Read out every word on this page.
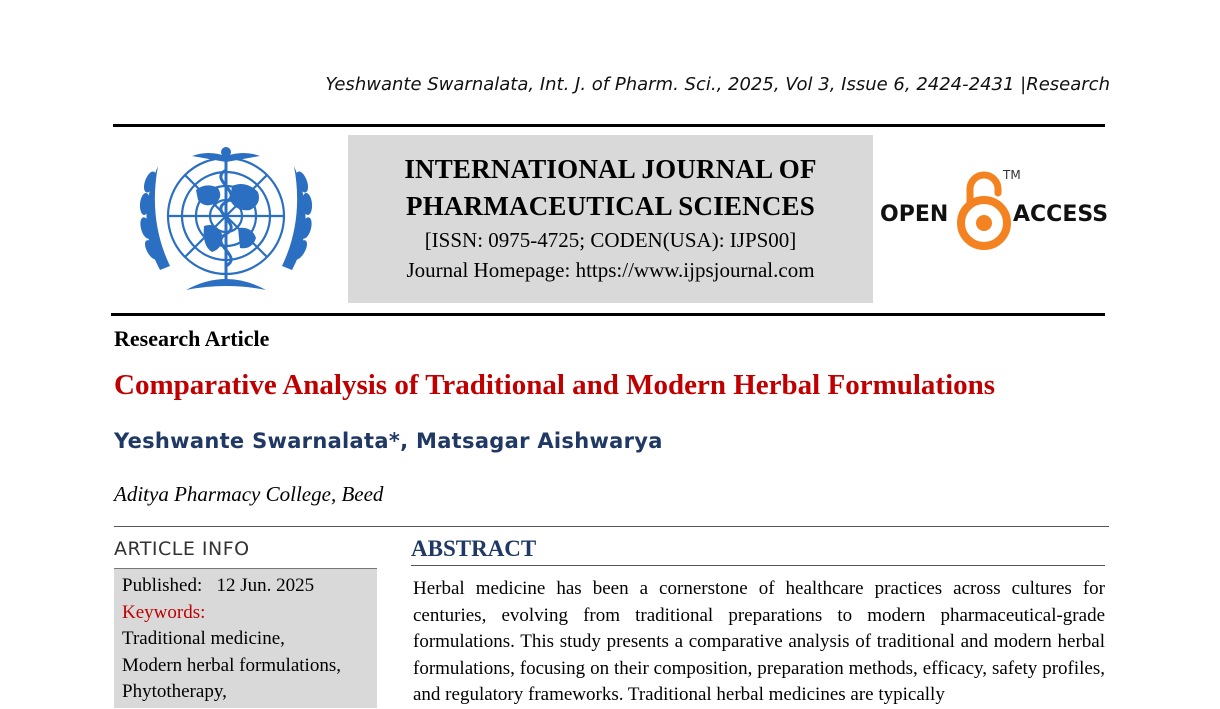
Yeshwante Swarnalata, Int. J. of Pharm. Sci., 2025, Vol 3, Issue 6, 2424-2431 |Research
INTERNATIONAL JOURNAL OF
PHARMACEUTICAL SCIENCES
[ISSN: 0975-4725; CODEN(USA): IJPS00]
Journal Homepage: https://www.ijpsjournal.com
OPEN	ACCESS
TM
Research Article
Comparative Analysis of Traditional and Modern Herbal Formulations
Yeshwante Swarnalata*, Matsagar Aishwarya
Aditya Pharmacy College, Beed
ARTICLE INFO
Published: 12 Jun. 2025
Keywords:
Traditional medicine,
Modern herbal formulations,
Phytotherapy,
ABSTRACT
Herbal medicine has been a cornerstone of healthcare practices across cultures for centuries, evolving from traditional preparations to modern pharmaceutical-grade formulations. This study presents a comparative analysis of traditional and modern herbal formulations, focusing on their composition, preparation methods, efficacy, safety profiles, and regulatory frameworks. Traditional herbal medicines are typically
